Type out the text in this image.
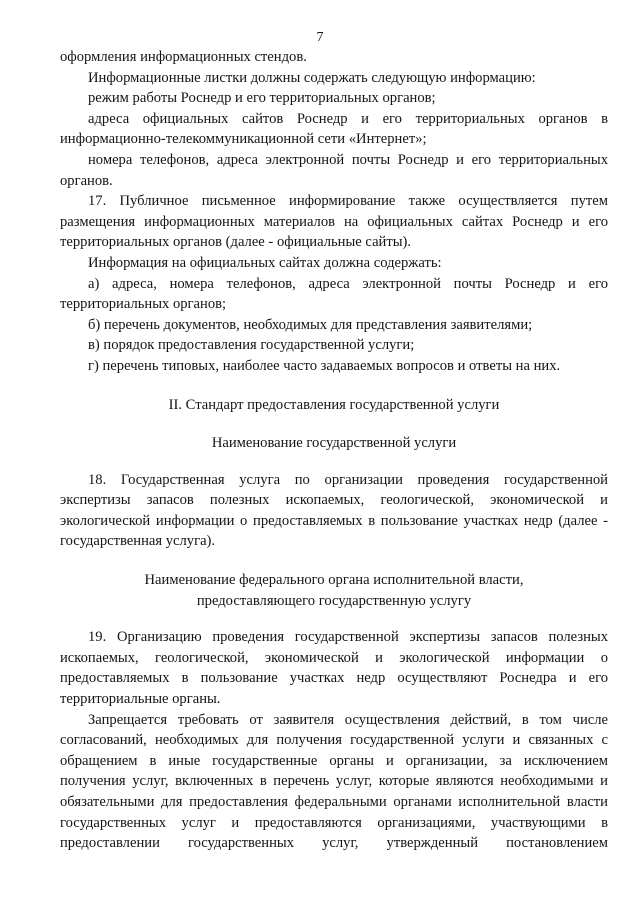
7

оформления информационных стендов.

Информационные листки должны содержать следующую информацию:

режим работы Роснедр и его территориальных органов;

адреса официальных сайтов Роснедр и его территориальных органов в информационно-телекоммуникационной сети «Интернет»;

номера телефонов, адреса электронной почты Роснедр и его территориальных органов.

17. Публичное письменное информирование также осуществляется путем размещения информационных материалов на официальных сайтах Роснедр и его территориальных органов (далее - официальные сайты).

Информация на официальных сайтах должна содержать:

а) адреса, номера телефонов, адреса электронной почты Роснедр и его территориальных органов;

б) перечень документов, необходимых для представления заявителями;

в) порядок предоставления государственной услуги;

г) перечень типовых, наиболее часто задаваемых вопросов и ответы на них.

II. Стандарт предоставления государственной услуги

Наименование государственной услуги

18. Государственная услуга по организации проведения государственной экспертизы запасов полезных ископаемых, геологической, экономической и экологической информации о предоставляемых в пользование участках недр (далее - государственная услуга).

Наименование федерального органа исполнительной власти,

предоставляющего государственную услугу

19. Организацию проведения государственной экспертизы запасов полезных ископаемых, геологической, экономической и экологической информации о предоставляемых в пользование участках недр осуществляют Роснедра и его территориальные органы.

Запрещается требовать от заявителя осуществления действий, в том числе согласований, необходимых для получения государственной услуги и связанных с обращением в иные государственные органы и организации, за исключением получения услуг, включенных в перечень услуг, которые являются необходимыми и обязательными для предоставления федеральными органами исполнительной власти государственных услуг и предоставляются организациями, участвующими в предоставлении государственных услуг, утвержденный постановлением
